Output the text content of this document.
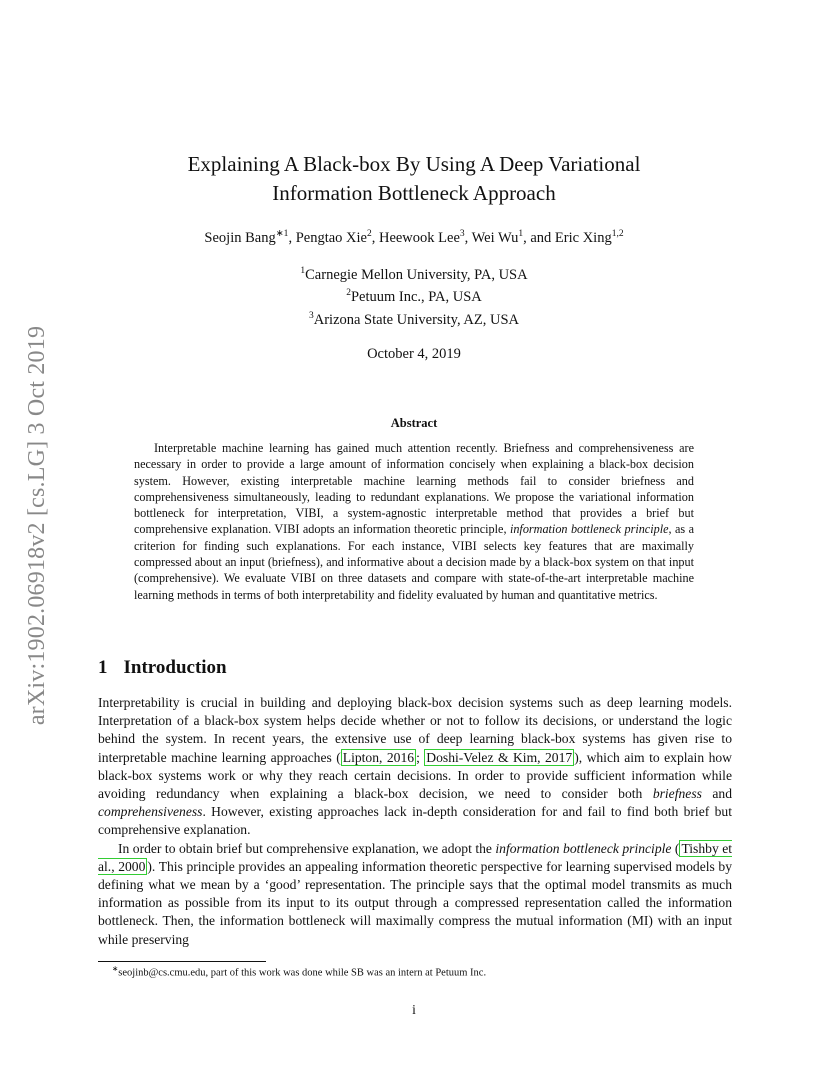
arXiv:1902.06918v2 [cs.LG] 3 Oct 2019
Explaining A Black-box By Using A Deep Variational
Information Bottleneck Approach
Seojin Bang$^{∗1}$, Pengtao Xie$^2$, Heewook Lee$^3$, Wei Wu$^1$, and Eric Xing$^{1,2}$
$^1$Carnegie Mellon University, PA, USA
$^2$Petuum Inc., PA, USA
$^3$Arizona State University, AZ, USA
October 4, 2019
Abstract

Interpretable machine learning has gained much attention recently. Briefness and comprehensiveness are necessary in order to provide a large amount of information concisely when explaining a black-box decision system. However, existing interpretable machine learning methods fail to consider briefness and comprehensiveness simultaneously, leading to redundant explanations. We propose the variational information bottleneck for interpretation, VIBI, a system-agnostic interpretable method that provides a brief but comprehensive explanation. VIBI adopts an information theoretic principle, information bottleneck principle, as a criterion for finding such explanations. For each instance, VIBI selects key features that are maximally compressed about an input (briefness), and informative about a decision made by a black-box system on that input (comprehensive). We evaluate VIBI on three datasets and compare with state-of-the-art interpretable machine learning methods in terms of both interpretability and fidelity evaluated by human and quantitative metrics.

1 Introduction

Interpretability is crucial in building and deploying black-box decision systems such as deep learning models. Interpretation of a black-box system helps decide whether or not to follow its decisions, or understand the logic behind the system. In recent years, the extensive use of deep learning black-box systems has given rise to interpretable machine learning approaches ( Lipton, 2016 ; Doshi-Velez & Kim, 2017 ), which aim to explain how black-box systems work or why they reach certain decisions. In order to provide sufficient information while avoiding redundancy when explaining a black-box decision, we need to consider both briefness and comprehensiveness. However, existing approaches lack in-depth consideration for and fail to find both brief but comprehensive explanation.

In order to obtain brief but comprehensive explanation, we adopt the information bottleneck principle ( Tishby et al., 2000 ). This principle provides an appealing information theoretic perspective for learning supervised models by defining what we mean by a ‘good’ representation. The principle says that the optimal model transmits as much information as possible from its input to its output through a compressed representation called the information bottleneck. Then, the information bottleneck will maximally compress the mutual information (MI) with an input while preserving

∗seojinb@cs.cmu.edu, part of this work was done while SB was an intern at Petuum Inc.
i
